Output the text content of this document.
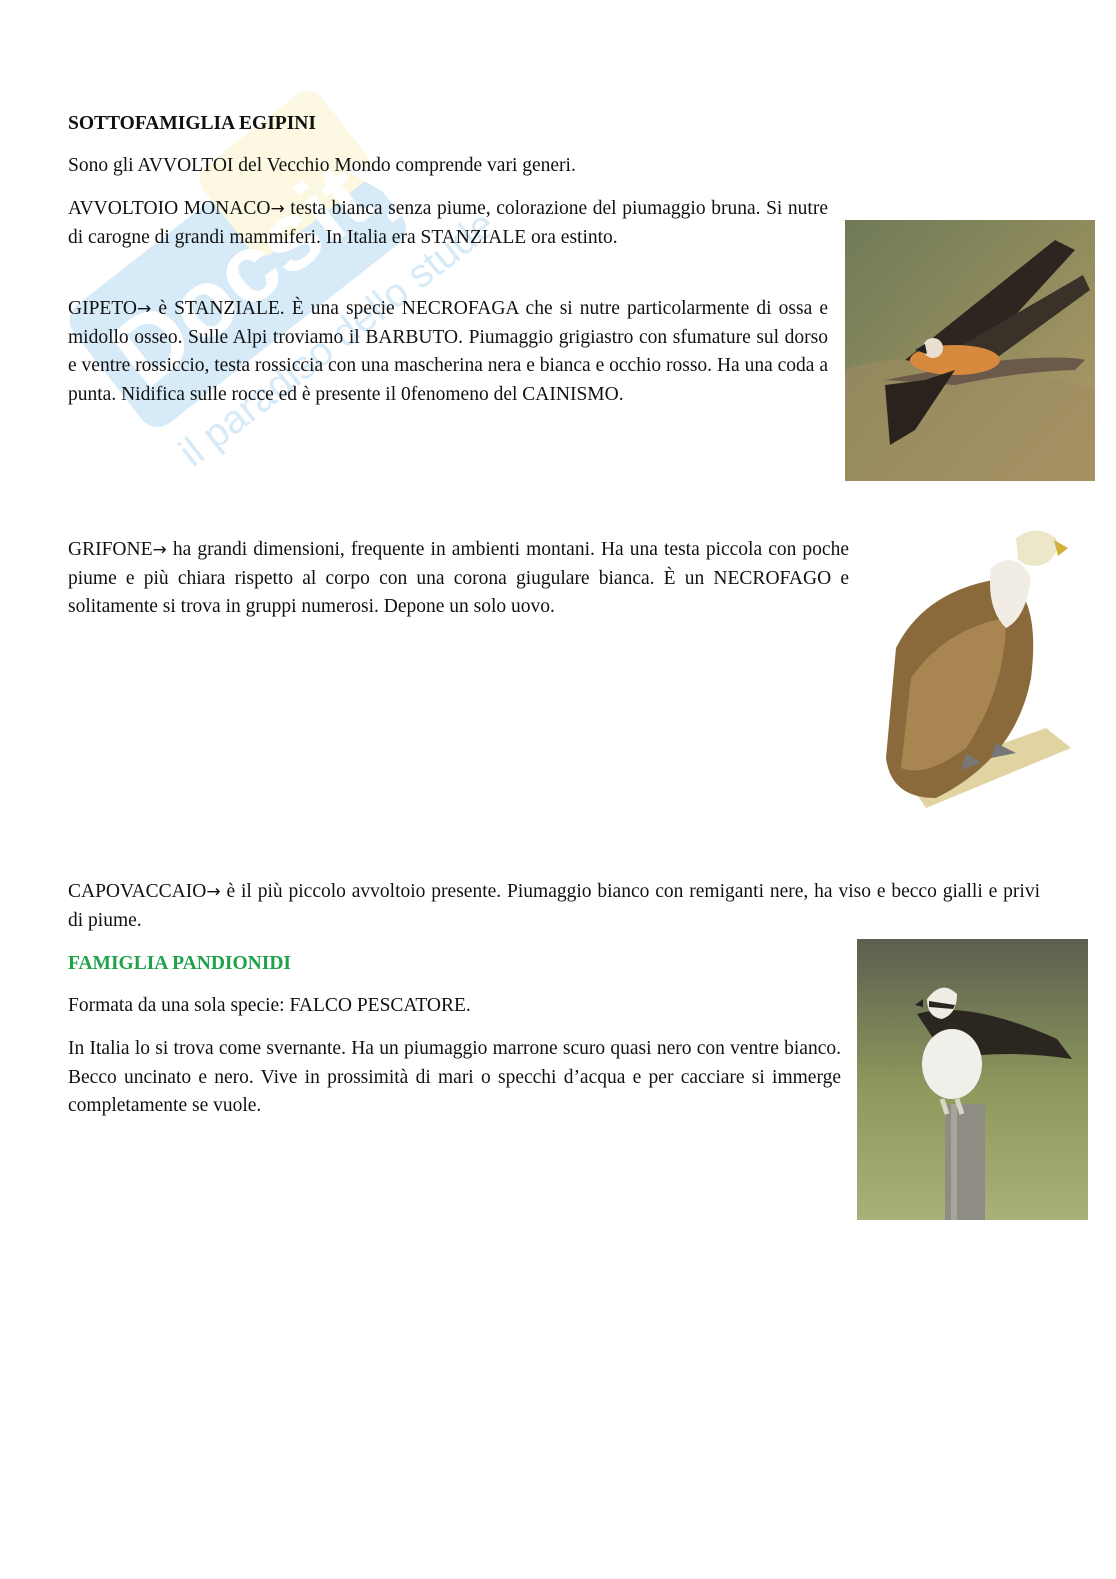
Docsity.net
il paradiso dello studente

SOTTOFAMIGLIA EGIPINI

Sono gli AVVOLTOI del Vecchio Mondo comprende vari generi.

AVVOLTOIO MONACO→ testa bianca senza piume, colorazione del piumaggio bruna. Si nutre di carogne di grandi mammiferi. In Italia era STANZIALE ora estinto.

GIPETO→ è STANZIALE. È una specie NECROFAGA che si nutre particolarmente di ossa e midollo osseo. Sulle Alpi troviamo il BARBUTO. Piumaggio grigiastro con sfumature sul dorso e ventre rossiccio, testa rossiccia con una mascherina nera e bianca e occhio rosso. Ha una coda a punta. Nidifica sulle rocce ed è presente il 0fenomeno del CAINISMO.

GRIFONE→ ha grandi dimensioni, frequente in ambienti montani. Ha una testa piccola con poche piume e più chiara rispetto al corpo con una corona giugulare bianca. È un NECROFAGO e solitamente si trova in gruppi numerosi. Depone un solo uovo.

CAPOVACCAIO→ è il più piccolo avvoltoio presente. Piumaggio bianco con remiganti nere, ha viso e becco gialli e privi di piume.

FAMIGLIA PANDIONIDI

Formata da una sola specie: FALCO PESCATORE.

In Italia lo si trova come svernante. Ha un piumaggio marrone scuro quasi nero con ventre bianco. Becco uncinato e nero. Vive in prossimità di mari o specchi d’acqua e per cacciare si immerge completamente se vuole.
